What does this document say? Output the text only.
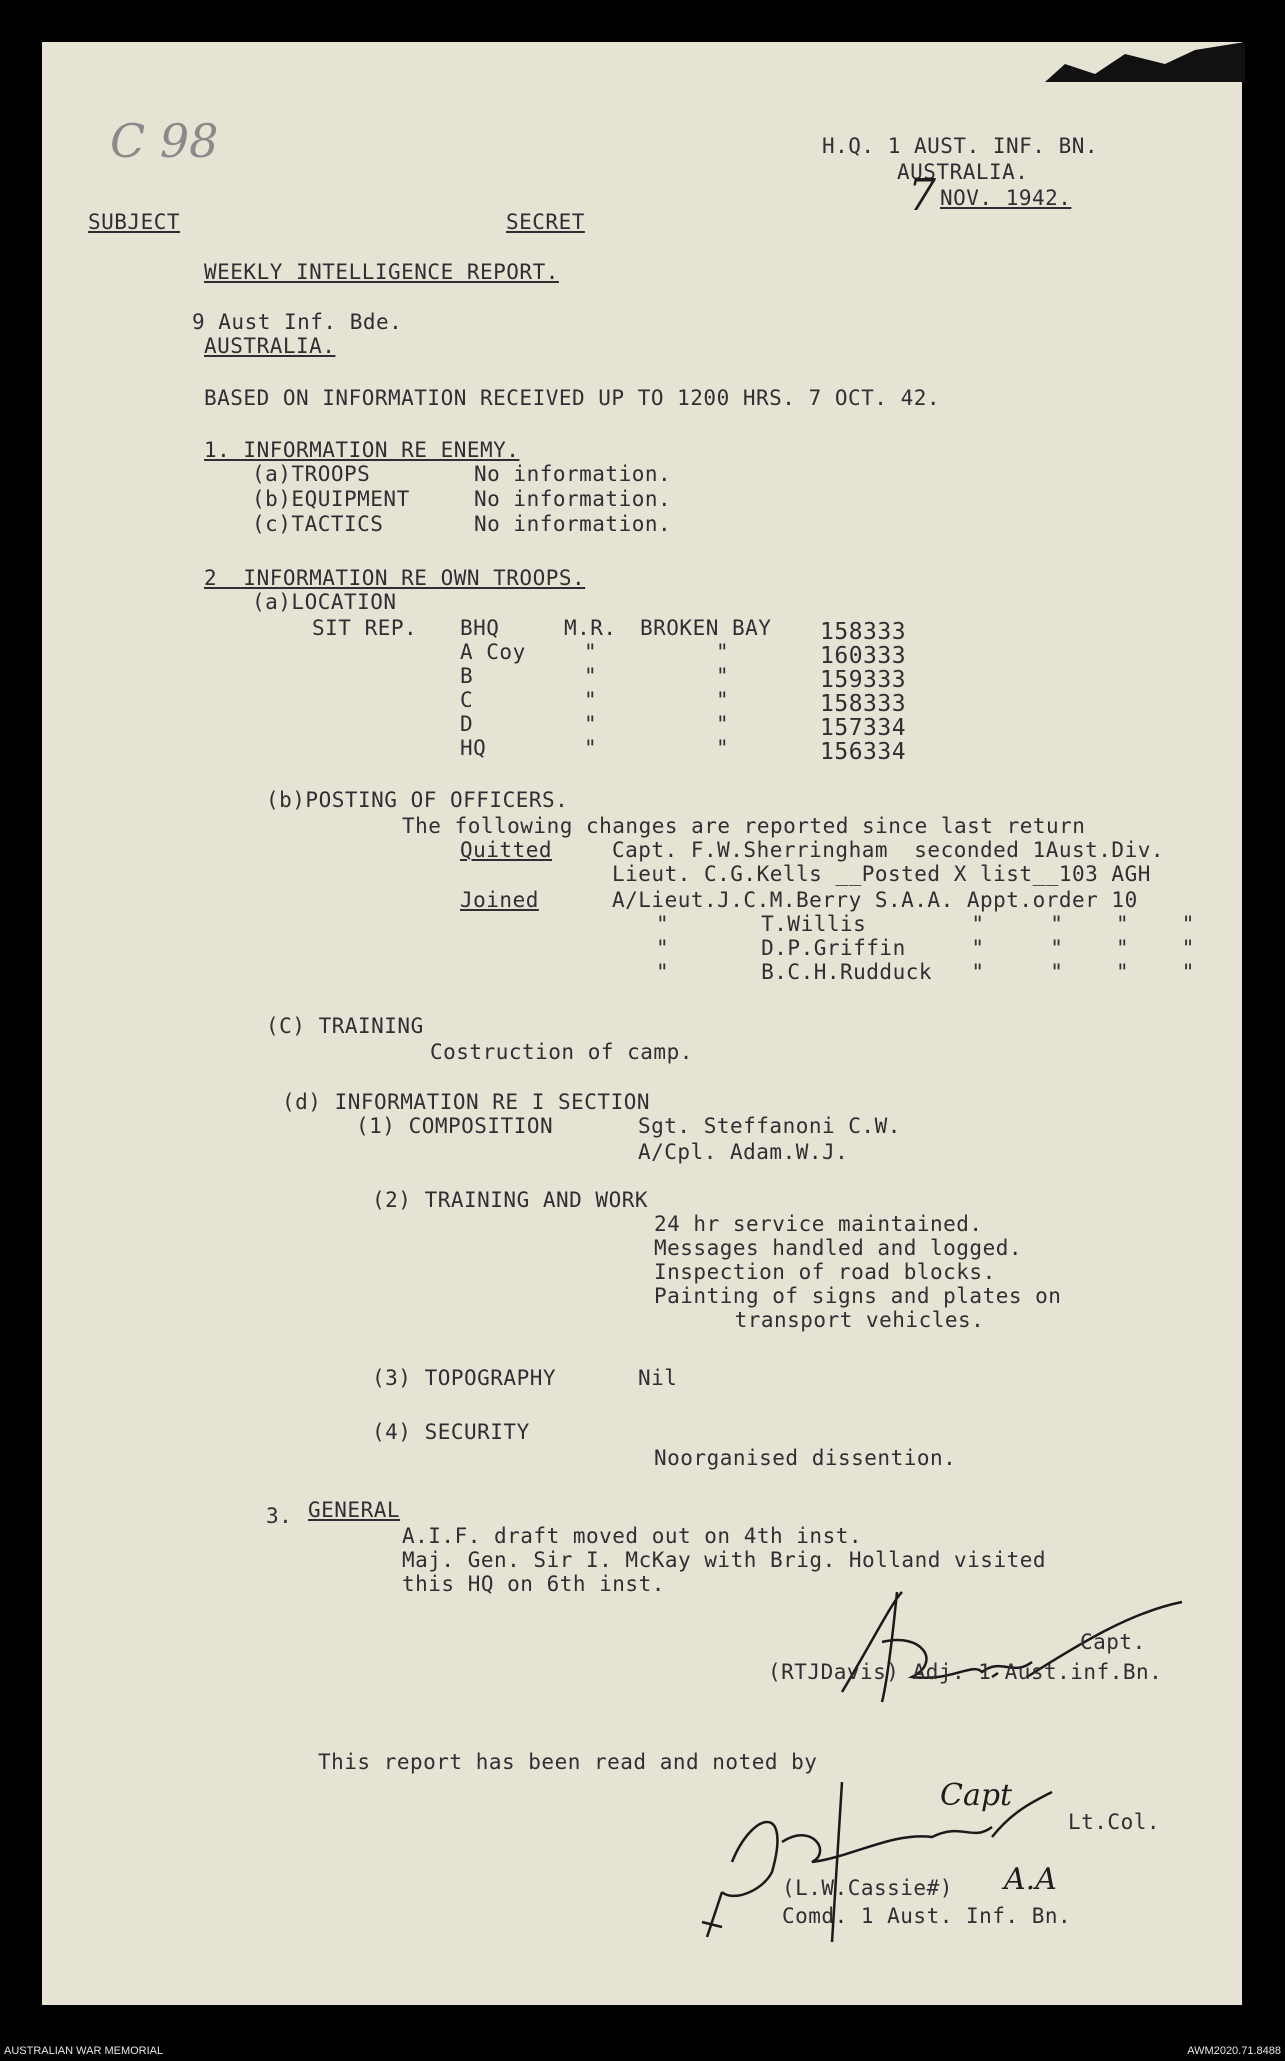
C 98	H.Q. 1 AUST. INF. BN.
AUSTRALIA.
7 NOV. 1942.
SUBJECT	SECRET
WEEKLY INTELLIGENCE REPORT.
9 Aust Inf. Bde.
AUSTRALIA.
BASED ON INFORMATION RECEIVED UP TO 1200 HRS. 7 OCT. 42.
1. INFORMATION RE ENEMY.
(a)TROOPS	No information.
(b)EQUIPMENT	No information.
(c)TACTICS	No information.
2  INFORMATION RE OWN TROOPS.
(a)LOCATION
SIT REP. BHQ	M.R. BROKEN BAY 158333
A Coy	"	"	160333
B	"	"	159333
C	"	"	158333
D	"	"	157334
HQ	"	"	156334
(b)POSTING OF OFFICERS.
The following changes are reported since last return
Quitted	Capt. F.W.Sherringham  seconded 1Aust.Div.
Lieut. C.G.Kells __Posted X list__103 AGH
Joined	A/Lieut.J.C.M.Berry S.A.A. Appt.order 10
"       T.Willis        "     "    "    "
"       D.P.Griffin     "     "    "    "
"       B.C.H.Rudduck   "     "    "    "
(C) TRAINING
Costruction of camp.
(d) INFORMATION RE I SECTION
(1) COMPOSITION	Sgt. Steffanoni C.W.
A/Cpl. Adam.W.J.
(2) TRAINING AND WORK
24 hr service maintained.
Messages handled and logged.
Inspection of road blocks.
Painting of signs and plates on
transport vehicles.
(3) TOPOGRAPHY	Nil
(4) SECURITY
Noorganised dissention.
3. GENERAL
A.I.F. draft moved out on 4th inst.
Maj. Gen. Sir I. McKay with Brig. Holland visited
this HQ on 6th inst.
Capt.
(RTJDavis) Adj. 1 Aust.inf.Bn.
This report has been read and noted by
Capt
Lt.Col.
(L.W.Cassie#) A.A
Comd. 1 Aust. Inf. Bn.
AUSTRALIAN WAR MEMORIAL	AWM2020.71.8488
